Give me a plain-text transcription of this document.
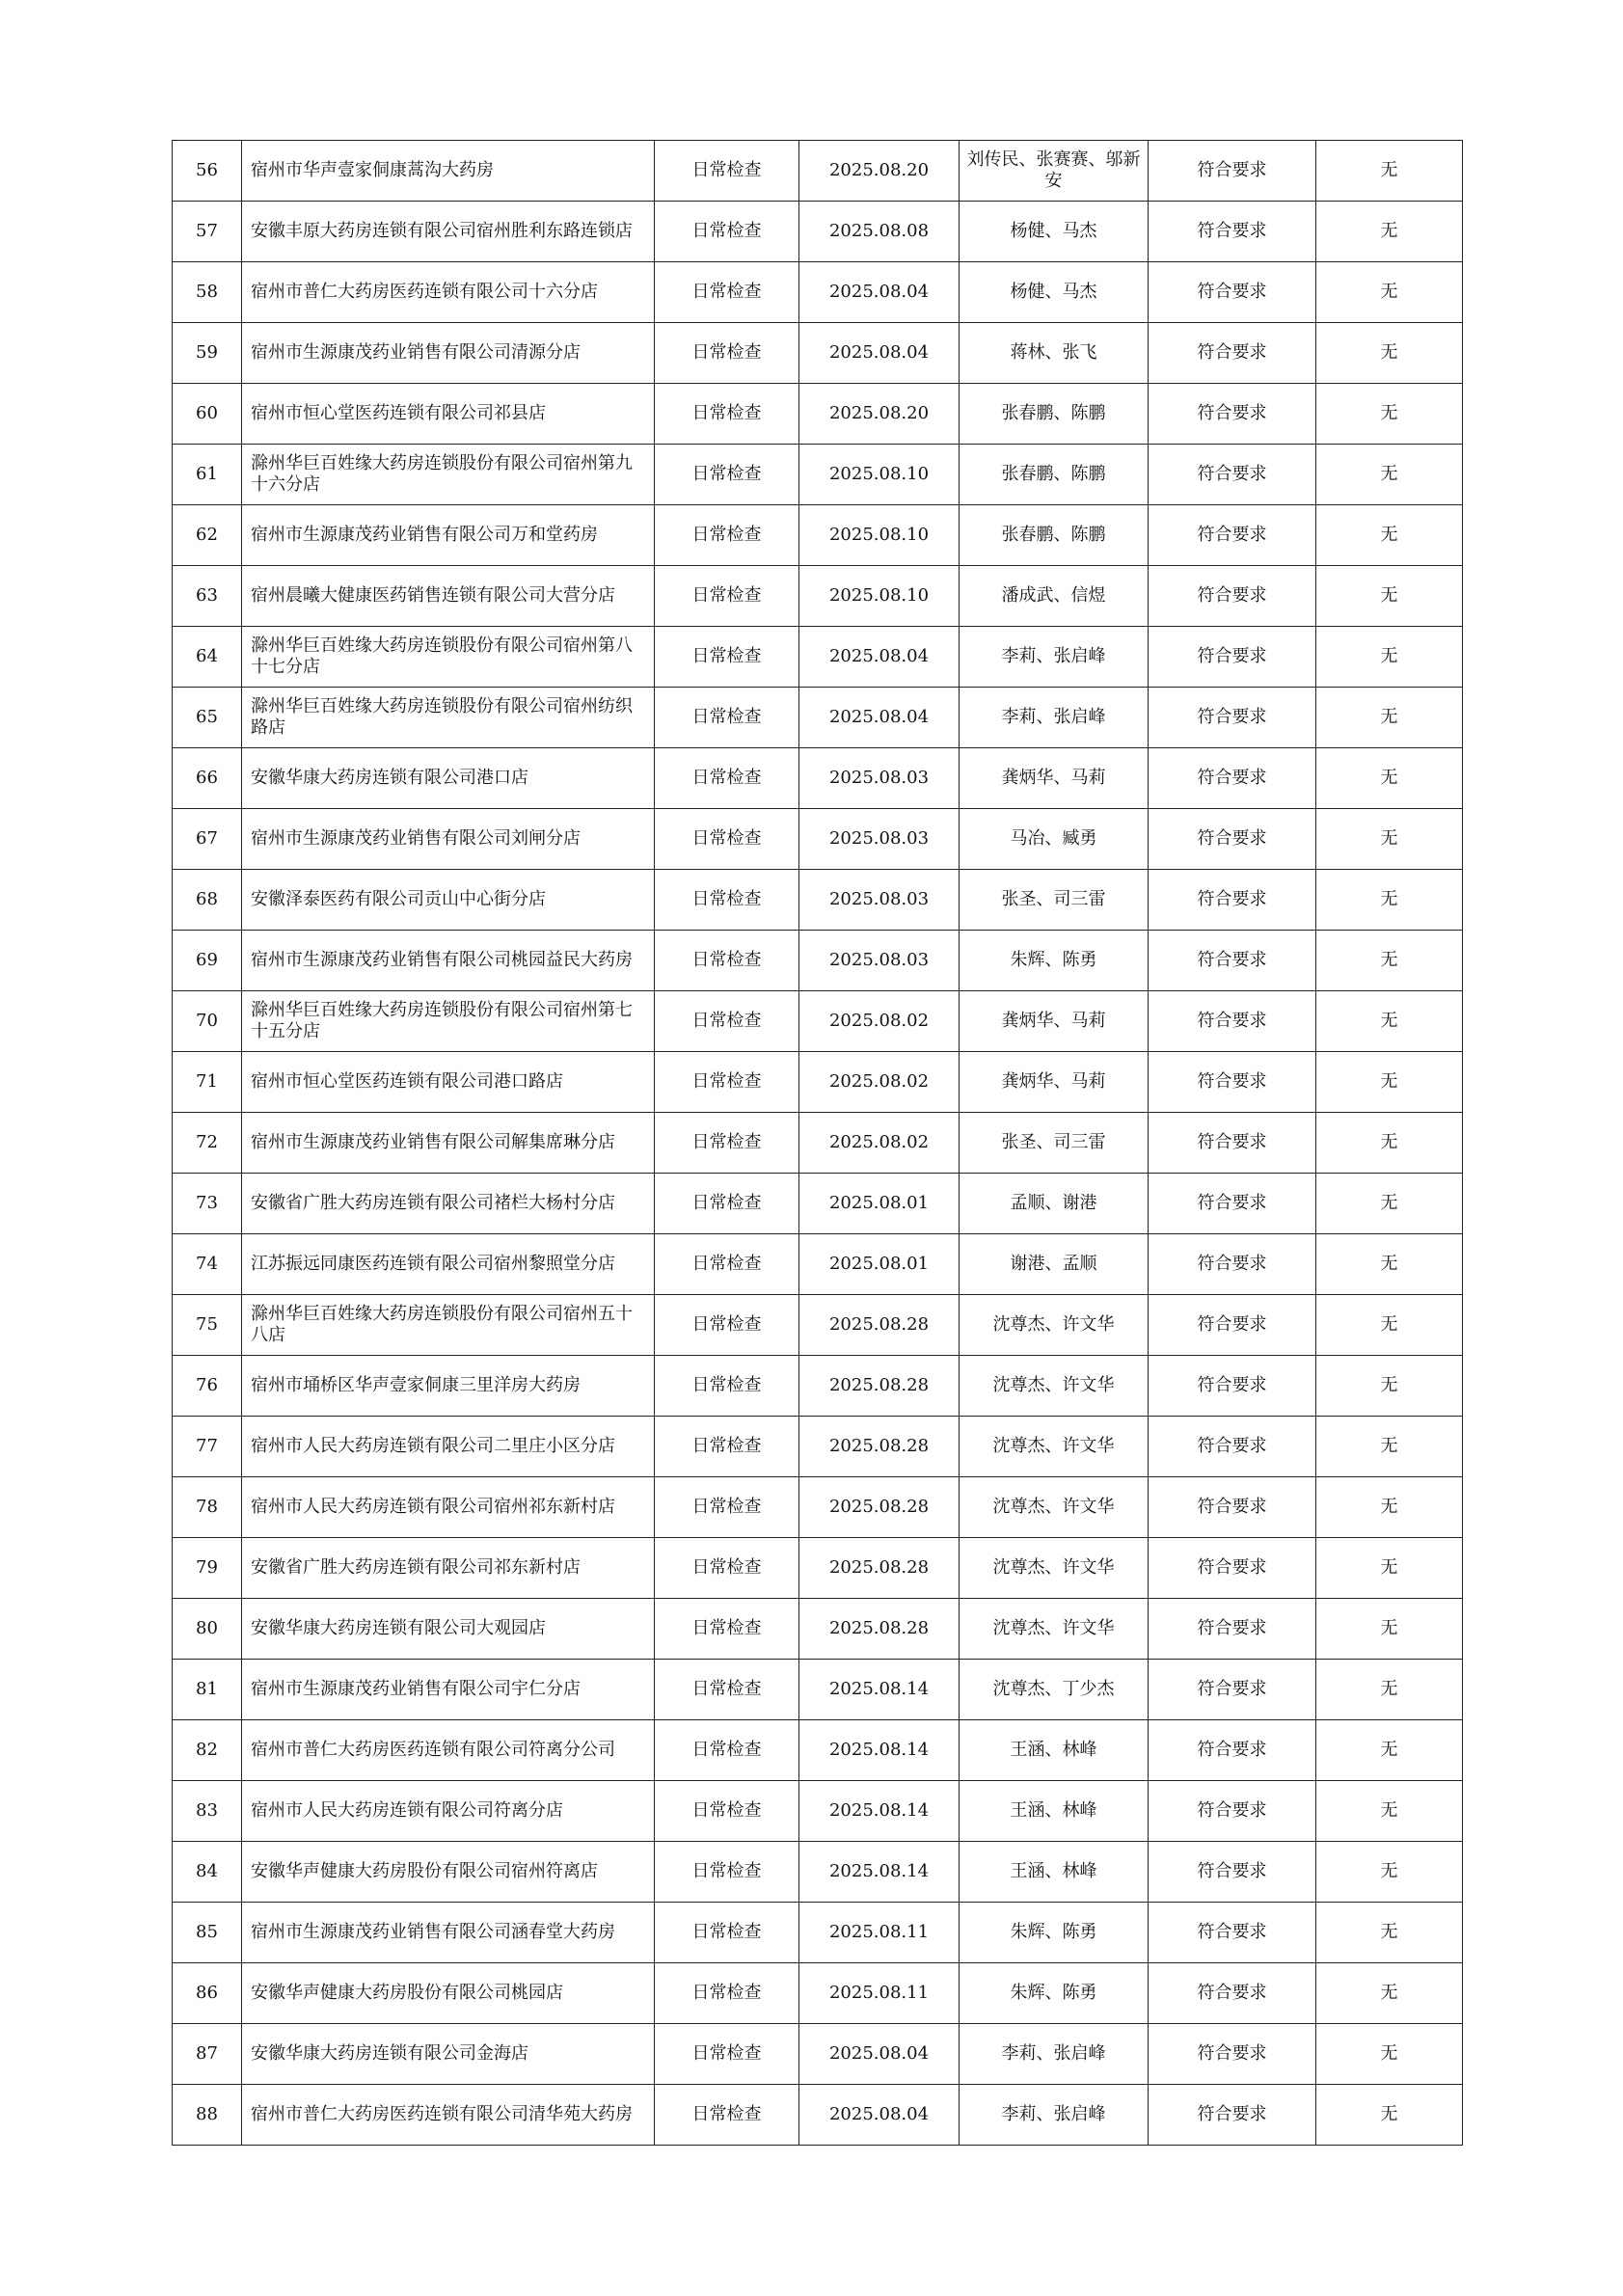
56	宿州市华声壹家侗康蒿沟大药房	日常检查	2025.08.20	刘传民、张赛赛、邬新安	符合要求	无
57	安徽丰原大药房连锁有限公司宿州胜利东路连锁店	日常检查	2025.08.08	杨健、马杰	符合要求	无
58	宿州市普仁大药房医药连锁有限公司十六分店	日常检查	2025.08.04	杨健、马杰	符合要求	无
59	宿州市生源康茂药业销售有限公司清源分店	日常检查	2025.08.04	蒋林、张飞	符合要求	无
60	宿州市恒心堂医药连锁有限公司祁县店	日常检查	2025.08.20	张春鹏、陈鹏	符合要求	无
61	滁州华巨百姓缘大药房连锁股份有限公司宿州第九十六分店	日常检查	2025.08.10	张春鹏、陈鹏	符合要求	无
62	宿州市生源康茂药业销售有限公司万和堂药房	日常检查	2025.08.10	张春鹏、陈鹏	符合要求	无
63	宿州晨曦大健康医药销售连锁有限公司大营分店	日常检查	2025.08.10	潘成武、信煜	符合要求	无
64	滁州华巨百姓缘大药房连锁股份有限公司宿州第八十七分店	日常检查	2025.08.04	李莉、张启峰	符合要求	无
65	滁州华巨百姓缘大药房连锁股份有限公司宿州纺织路店	日常检查	2025.08.04	李莉、张启峰	符合要求	无
66	安徽华康大药房连锁有限公司港口店	日常检查	2025.08.03	龚炳华、马莉	符合要求	无
67	宿州市生源康茂药业销售有限公司刘闸分店	日常检查	2025.08.03	马冶、臧勇	符合要求	无
68	安徽泽泰医药有限公司贡山中心街分店	日常检查	2025.08.03	张圣、司三雷	符合要求	无
69	宿州市生源康茂药业销售有限公司桃园益民大药房	日常检查	2025.08.03	朱辉、陈勇	符合要求	无
70	滁州华巨百姓缘大药房连锁股份有限公司宿州第七十五分店	日常检查	2025.08.02	龚炳华、马莉	符合要求	无
71	宿州市恒心堂医药连锁有限公司港口路店	日常检查	2025.08.02	龚炳华、马莉	符合要求	无
72	宿州市生源康茂药业销售有限公司解集席琳分店	日常检查	2025.08.02	张圣、司三雷	符合要求	无
73	安徽省广胜大药房连锁有限公司褚栏大杨村分店	日常检查	2025.08.01	孟顺、谢港	符合要求	无
74	江苏振远同康医药连锁有限公司宿州黎照堂分店	日常检查	2025.08.01	谢港、孟顺	符合要求	无
75	滁州华巨百姓缘大药房连锁股份有限公司宿州五十八店	日常检查	2025.08.28	沈尊杰、许文华	符合要求	无
76	宿州市埇桥区华声壹家侗康三里洋房大药房	日常检查	2025.08.28	沈尊杰、许文华	符合要求	无
77	宿州市人民大药房连锁有限公司二里庄小区分店	日常检查	2025.08.28	沈尊杰、许文华	符合要求	无
78	宿州市人民大药房连锁有限公司宿州祁东新村店	日常检查	2025.08.28	沈尊杰、许文华	符合要求	无
79	安徽省广胜大药房连锁有限公司祁东新村店	日常检查	2025.08.28	沈尊杰、许文华	符合要求	无
80	安徽华康大药房连锁有限公司大观园店	日常检查	2025.08.28	沈尊杰、许文华	符合要求	无
81	宿州市生源康茂药业销售有限公司宇仁分店	日常检查	2025.08.14	沈尊杰、丁少杰	符合要求	无
82	宿州市普仁大药房医药连锁有限公司符离分公司	日常检查	2025.08.14	王涵、林峰	符合要求	无
83	宿州市人民大药房连锁有限公司符离分店	日常检查	2025.08.14	王涵、林峰	符合要求	无
84	安徽华声健康大药房股份有限公司宿州符离店	日常检查	2025.08.14	王涵、林峰	符合要求	无
85	宿州市生源康茂药业销售有限公司涵春堂大药房	日常检查	2025.08.11	朱辉、陈勇	符合要求	无
86	安徽华声健康大药房股份有限公司桃园店	日常检查	2025.08.11	朱辉、陈勇	符合要求	无
87	安徽华康大药房连锁有限公司金海店	日常检查	2025.08.04	李莉、张启峰	符合要求	无
88	宿州市普仁大药房医药连锁有限公司清华苑大药房	日常检查	2025.08.04	李莉、张启峰	符合要求	无
